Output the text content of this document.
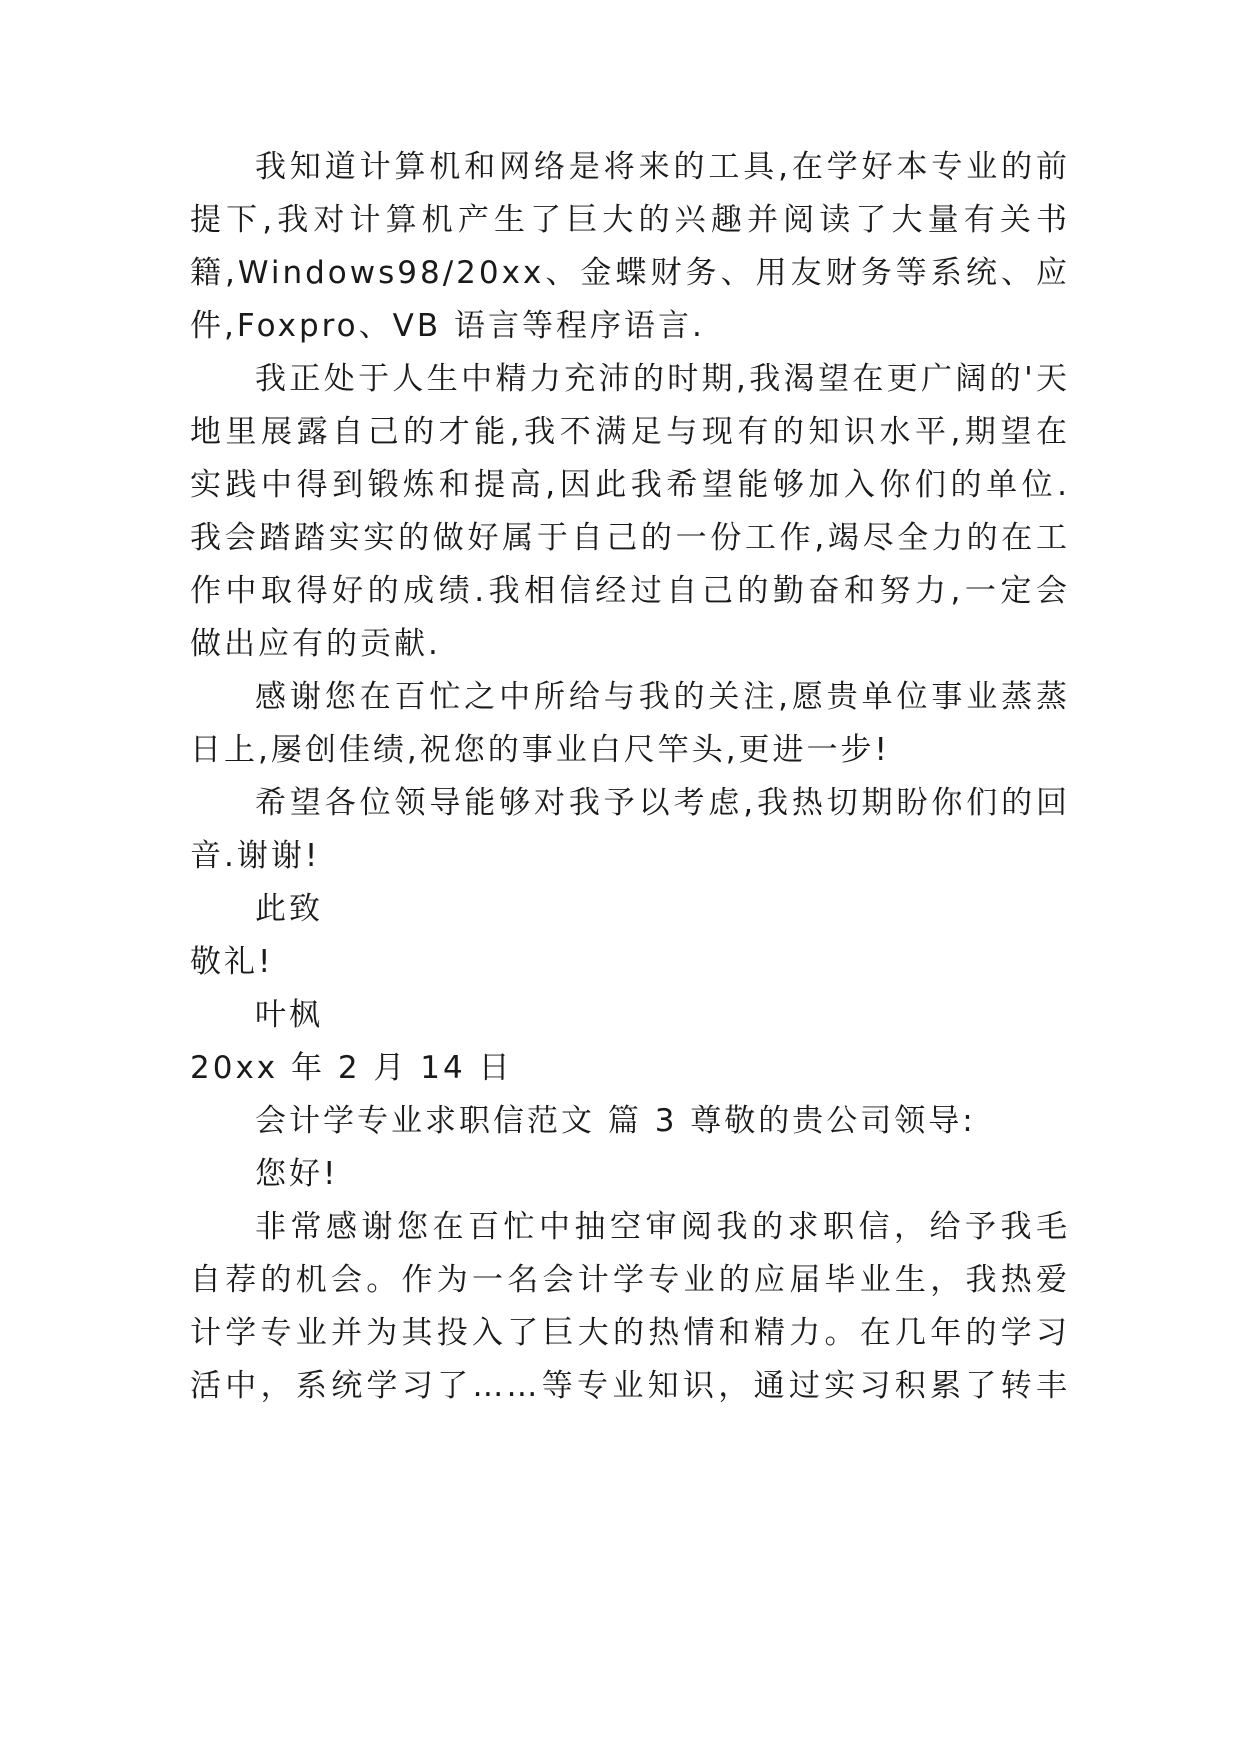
我知道计算机和网络是将来的工具,在学好本专业的前
提下,我对计算机产生了巨大的兴趣并阅读了大量有关书
籍,Windows98/20xx、金蝶财务、用友财务等系统、应
件,Foxpro、VB 语言等程序语言.
我正处于人生中精力充沛的时期,我渴望在更广阔的'天
地里展露自己的才能,我不满足与现有的知识水平,期望在
实践中得到锻炼和提高,因此我希望能够加入你们的单位.
我会踏踏实实的做好属于自己的一份工作,竭尽全力的在工
作中取得好的成绩.我相信经过自己的勤奋和努力,一定会
做出应有的贡献.
感谢您在百忙之中所给与我的关注,愿贵单位事业蒸蒸
日上,屡创佳绩,祝您的事业白尺竿头,更进一步!
希望各位领导能够对我予以考虑,我热切期盼你们的回
音.谢谢!
此致
敬礼!
叶枫
20xx 年 2 月 14 日
会计学专业求职信范文 篇 3 尊敬的贵公司领导:
您好!
非常感谢您在百忙中抽空审阅我的求职信，给予我毛
自荐的机会。作为一名会计学专业的应届毕业生，我热爱
计学专业并为其投入了巨大的热情和精力。在几年的学习
活中，系统学习了……等专业知识，通过实习积累了转丰
